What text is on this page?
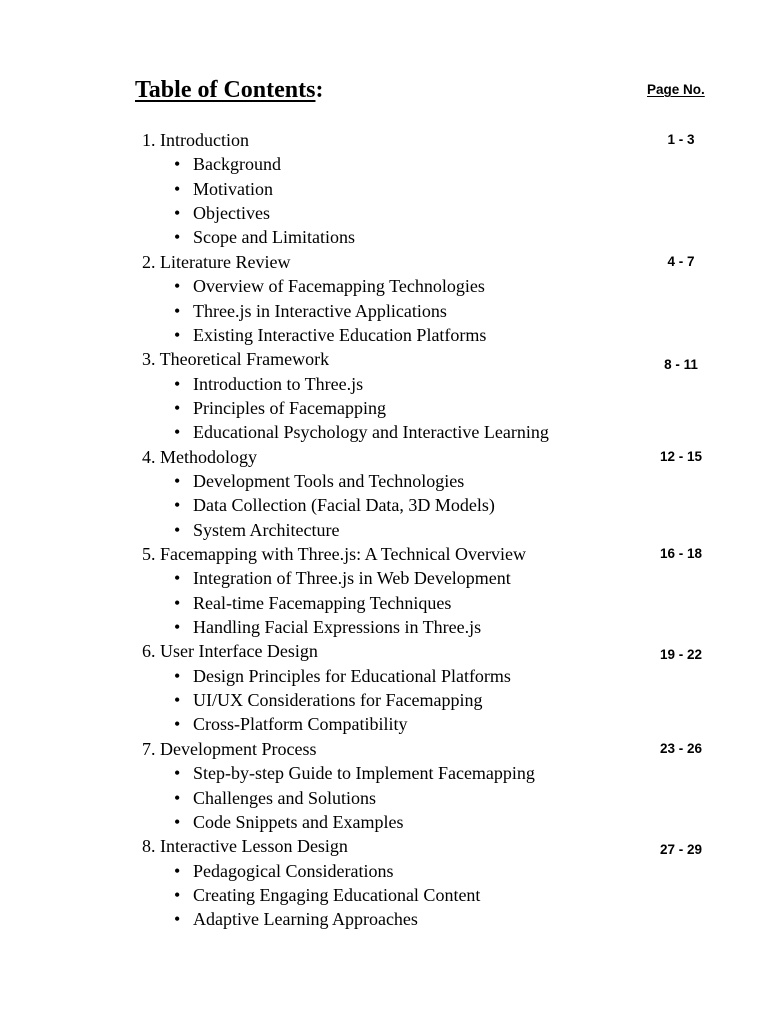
Table of Contents:	Page No.
1. Introduction	1 - 3
• Background
• Motivation
• Objectives
• Scope and Limitations
2. Literature Review	4 - 7
• Overview of Facemapping Technologies
• Three.js in Interactive Applications
• Existing Interactive Education Platforms
3. Theoretical Framework	8 - 11
• Introduction to Three.js
• Principles of Facemapping
• Educational Psychology and Interactive Learning
4. Methodology	12 - 15
• Development Tools and Technologies
• Data Collection (Facial Data, 3D Models)
• System Architecture
5. Facemapping with Three.js: A Technical Overview	16 - 18
• Integration of Three.js in Web Development
• Real-time Facemapping Techniques
• Handling Facial Expressions in Three.js
6. User Interface Design	19 - 22
• Design Principles for Educational Platforms
• UI/UX Considerations for Facemapping
• Cross-Platform Compatibility
7. Development Process	23 - 26
• Step-by-step Guide to Implement Facemapping
• Challenges and Solutions
• Code Snippets and Examples
8. Interactive Lesson Design	27 - 29
• Pedagogical Considerations
• Creating Engaging Educational Content
• Adaptive Learning Approaches
